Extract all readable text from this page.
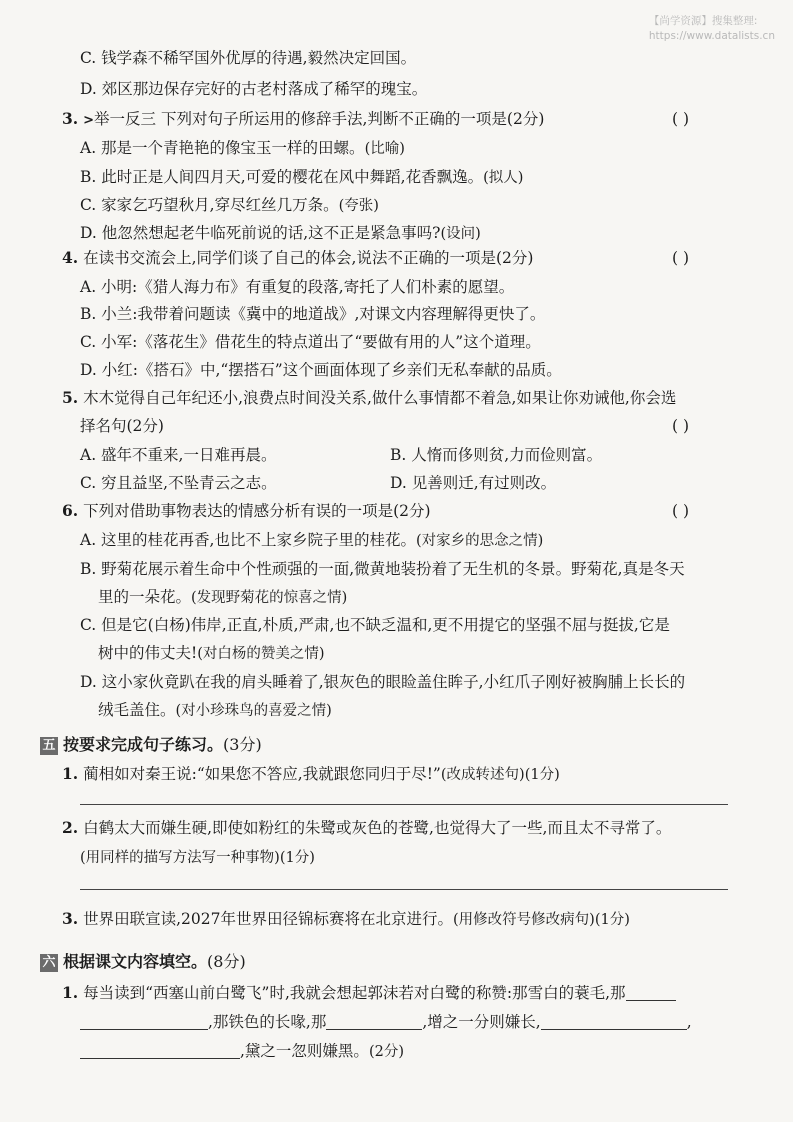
【尚学资源】搜集整理:
https://www.datalists.cn
C. 钱学森不稀罕国外优厚的待遇,毅然决定回国。
D. 郊区那边保存完好的古老村落成了稀罕的瑰宝。
3. >举一反三 下列对句子所运用的修辞手法,判断不正确的一项是(2分)	( )
A. 那是一个青艳艳的像宝玉一样的田螺。(比喻)
B. 此时正是人间四月天,可爱的樱花在风中舞蹈,花香飘逸。(拟人)
C. 家家乞巧望秋月,穿尽红丝几万条。(夸张)
D. 他忽然想起老牛临死前说的话,这不正是紧急事吗?(设问)
4. 在读书交流会上,同学们谈了自己的体会,说法不正确的一项是(2分)	( )
A. 小明:《猎人海力布》有重复的段落,寄托了人们朴素的愿望。
B. 小兰:我带着问题读《冀中的地道战》,对课文内容理解得更快了。
C. 小军:《落花生》借花生的特点道出了“要做有用的人”这个道理。
D. 小红:《搭石》中,“摆搭石”这个画面体现了乡亲们无私奉献的品质。
5. 木木觉得自己年纪还小,浪费点时间没关系,做什么事情都不着急,如果让你劝诫他,你会选
择名句(2分)	( )
A. 盛年不重来,一日难再晨。	B. 人惰而侈则贫,力而俭则富。
C. 穷且益坚,不坠青云之志。	D. 见善则迁,有过则改。
6. 下列对借助事物表达的情感分析有误的一项是(2分)	( )
A. 这里的桂花再香,也比不上家乡院子里的桂花。(对家乡的思念之情)
B. 野菊花展示着生命中个性顽强的一面,微黄地装扮着了无生机的冬景。野菊花,真是冬天
里的一朵花。(发现野菊花的惊喜之情)
C. 但是它(白杨)伟岸,正直,朴质,严肃,也不缺乏温和,更不用提它的坚强不屈与挺拔,它是
树中的伟丈夫!(对白杨的赞美之情)
D. 这小家伙竟趴在我的肩头睡着了,银灰色的眼睑盖住眸子,小红爪子刚好被胸脯上长长的
绒毛盖住。(对小珍珠鸟的喜爱之情)
五 按要求完成句子练习。(3分)
1. 蔺相如对秦王说:“如果您不答应,我就跟您同归于尽!”(改成转述句)(1分)
2. 白鹤太大而嫌生硬,即使如粉红的朱鹭或灰色的苍鹭,也觉得大了一些,而且太不寻常了。
(用同样的描写方法写一种事物)(1分)
3. 世界田联宣读,2027年世界田径锦标赛将在北京进行。(用修改符号修改病句)(1分)
六 根据课文内容填空。(8分)
1. 每当读到“西塞山前白鹭飞”时,我就会想起郭沫若对白鹭的称赞:那雪白的蓑毛,那
,那铁色的长喙,那	,增之一分则嫌长,	,
,黛之一忽则嫌黑。(2分)
